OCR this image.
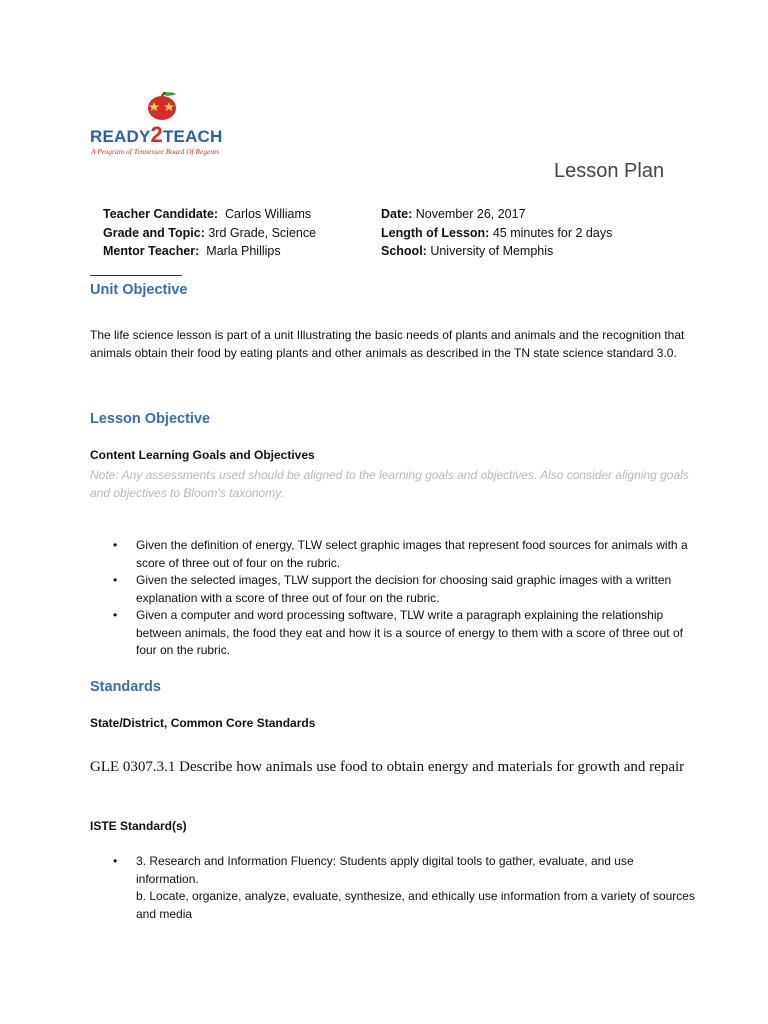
READY2TEACH
A Program of Tennessee Board Of Regents
Lesson Plan
Teacher Candidate: Carlos Williams
Grade and Topic: 3rd Grade, Science
Mentor Teacher: Marla Phillips
Date: November 26, 2017
Length of Lesson: 45 minutes for 2 days
School: University of Memphis
Unit Objective
The life science lesson is part of a unit Illustrating the basic needs of plants and animals and the recognition that animals obtain their food by eating plants and other animals as described in the TN state science standard 3.0.
Lesson Objective
Content Learning Goals and Objectives
Note: Any assessments used should be aligned to the learning goals and objectives. Also consider aligning goals and objectives to Bloom’s taxonomy.
• Given the definition of energy, TLW select graphic images that represent food sources for animals with a score of three out of four on the rubric.
• Given the selected images, TLW support the decision for choosing said graphic images with a written explanation with a score of three out of four on the rubric.
• Given a computer and word processing software, TLW write a paragraph explaining the relationship between animals, the food they eat and how it is a source of energy to them with a score of three out of four on the rubric.
Standards
State/District, Common Core Standards
GLE 0307.3.1 Describe how animals use food to obtain energy and materials for growth and repair
ISTE Standard(s)
• 3. Research and Information Fluency: Students apply digital tools to gather, evaluate, and use information.
b. Locate, organize, analyze, evaluate, synthesize, and ethically use information from a variety of sources and media
